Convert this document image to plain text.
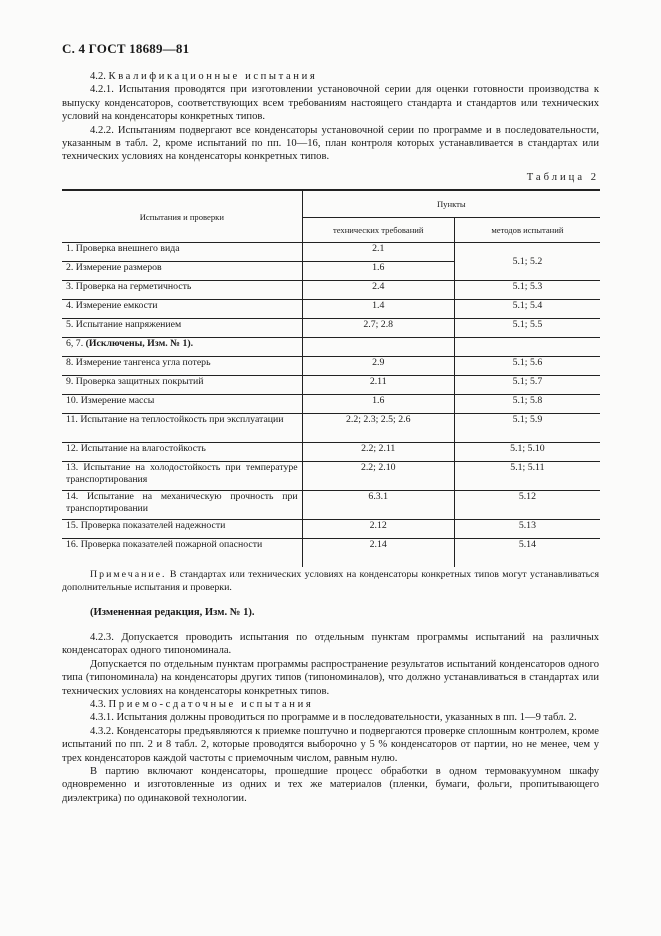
С. 4 ГОСТ 18689—81

4.2. Квалификационные испытания

4.2.1. Испытания проводятся при изготовлении установочной серии для оценки готовности производства к выпуску конденсаторов, соответствующих всем требованиям настоящего стандарта и стандартов или технических условий на конденсаторы конкретных типов.

4.2.2. Испытаниям подвергают все конденсаторы установочной серии по программе и в последовательности, указанным в табл. 2, кроме испытаний по пп. 10—16, план контроля которых устанавливается в стандартах или технических условиях на конденсаторы конкретных типов.

Таблица 2
Испытания и проверки	Пункты	
	технических требований	методов испытаний
1. Проверка внешнего вида	2.1	5.1; 5.2
2. Измерение размеров	1.6	
3. Проверка на герметичность	2.4	5.1; 5.3
4. Измерение емкости	1.4	5.1; 5.4
5. Испытание напряжением	2.7; 2.8	5.1; 5.5
6, 7. (Исключены, Изм. № 1).		
8. Измерение тангенса угла потерь	2.9	5.1; 5.6
9. Проверка защитных покрытий	2.11	5.1; 5.7
10. Измерение массы	1.6	5.1; 5.8
11. Испытание на теплостойкость при эксплуатации	2.2; 2.3; 2.5; 2.6	5.1; 5.9
12. Испытание на влагостойкость	2.2; 2.11	5.1; 5.10
13. Испытание на холодостойкость при температуре транспортирования	2.2; 2.10	5.1; 5.11
14. Испытание на механическую прочность при транспортировании	6.3.1	5.12
15. Проверка показателей надежности	2.12	5.13
16. Проверка показателей пожарной опасности	2.14	5.14

Примечание. В стандартах или технических условиях на конденсаторы конкретных типов могут устанавливаться дополнительные испытания и проверки.

(Измененная редакция, Изм. № 1).

4.2.3. Допускается проводить испытания по отдельным пунктам программы испытаний на различных конденсаторах одного типономинала.

Допускается по отдельным пунктам программы распространение результатов испытаний конденсаторов одного типа (типономинала) на конденсаторы других типов (типономиналов), что должно устанавливаться в стандартах или технических условиях на конденсаторы конкретных типов.

4.3. Приемо-сдаточные испытания

4.3.1. Испытания должны проводиться по программе и в последовательности, указанных в пп. 1—9 табл. 2.

4.3.2. Конденсаторы предъявляются к приемке поштучно и подвергаются проверке сплошным контролем, кроме испытаний по пп. 2 и 8 табл. 2, которые проводятся выборочно у 5 % конденсаторов от партии, но не менее, чем у трех конденсаторов каждой частоты с приемочным числом, равным нулю.

В партию включают конденсаторы, прошедшие процесс обработки в одном термовакуумном шкафу одновременно и изготовленные из одних и тех же материалов (пленки, бумаги, фольги, пропитывающего диэлектрика) по одинаковой технологии.
